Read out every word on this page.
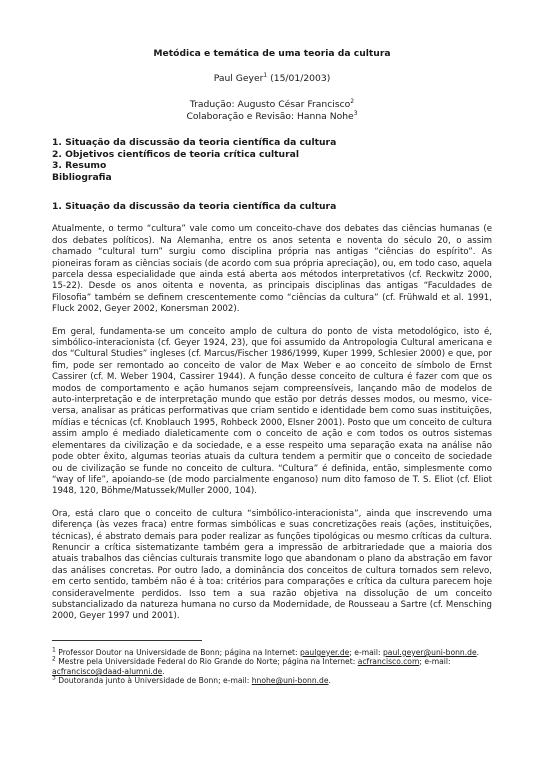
Metódica e temática de uma teoria da cultura
Paul Geyer$^1$ (15/01/2003)
Tradução: Augusto César Francisco$^2$
Colaboração e Revisão: Hanna Nohe$^3$
1. Situação da discussão da teoria científica da cultura
2. Objetivos científicos de teoria crítica cultural
3. Resumo
Bibliografia
1. Situação da discussão da teoria científica da cultura

Atualmente, o termo “cultura” vale como um conceito-chave dos debates das ciências humanas (e dos debates políticos). Na Alemanha, entre os anos setenta e noventa do século 20, o assim chamado “cultural turn” surgiu como disciplina própria nas antigas “ciências do espírito”. As pioneiras foram as ciências sociais (de acordo com sua própria apreciação), ou, em todo caso, aquela parcela dessa especialidade que ainda está aberta aos métodos interpretativos (cf. Reckwitz 2000, 15-22). Desde os anos oitenta e noventa, as principais disciplinas das antigas “Faculdades de Filosofia” também se definem crescentemente como “ciências da cultura” (cf. Frühwald et al. 1991, Fluck 2002, Geyer 2002, Konersman 2002).

Em geral, fundamenta-se um conceito amplo de cultura do ponto de vista metodológico, isto é, simbólico-interacionista (cf. Geyer 1924, 23), que foi assumido da Antropologia Cultural americana e dos “Cultural Studies” ingleses (cf. Marcus/Fischer 1986/1999, Kuper 1999, Schlesier 2000) e que, por fim, pode ser remontado ao conceito de valor de Max Weber e ao conceito de símbolo de Ernst Cassirer (cf. M. Weber 1904, Cassirer 1944). A função desse conceito de cultura é fazer com que os modos de comportamento e ação humanos sejam compreensíveis, lançando mão de modelos de auto-interpretação e de interpretação mundo que estão por detrás desses modos, ou mesmo, vice-versa, analisar as práticas performativas que criam sentido e identidade bem como suas instituições, mídias e técnicas (cf. Knoblauch 1995, Rohbeck 2000, Elsner 2001). Posto que um conceito de cultura assim amplo é mediado dialeticamente com o conceito de ação e com todos os outros sistemas elementares da civilização e da sociedade, e a esse respeito uma separação exata na análise não pode obter êxito, algumas teorias atuais da cultura tendem a permitir que o conceito de sociedade ou de civilização se funde no conceito de cultura. “Cultura” é definida, então, simplesmente como “way of life”, apoiando-se (de modo parcialmente enganoso) num dito famoso de T. S. Eliot (cf. Eliot 1948, 120, Böhme/Matussek/Muller 2000, 104).

Ora, está claro que o conceito de cultura “simbólico-interacionista”, ainda que inscrevendo uma diferença (às vezes fraca) entre formas simbólicas e suas concretizações reais (ações, instituições, técnicas), é abstrato demais para poder realizar as funções tipológicas ou mesmo críticas da cultura. Renuncir a crítica sistematizante também gera a impressão de arbitrariedade que a maioria dos atuais trabalhos das ciências culturais transmite logo que abandonam o plano da abstração em favor das análises concretas. Por outro lado, a dominância dos conceitos de cultura tornados sem relevo, em certo sentido, também não é à toa: critérios para comparações e crítica da cultura parecem hoje consideravelmente perdidos. Isso tem a sua razão objetiva na dissolução de um conceito substancializado da natureza humana no curso da Modernidade, de Rousseau a Sartre (cf. Mensching 2000, Geyer 1997 und 2001).

$^1$ Professor Doutor na Universidade de Bonn; página na Internet: paulgeyer.de; e-mail: paul.geyer@uni-bonn.de.

$^2$ Mestre pela Universidade Federal do Rio Grande do Norte; página na Internet: acfrancisco.com; e-mail: acfrancisco@daad-alumni.de.

$^3$ Doutoranda junto à Universidade de Bonn; e-mail: hnohe@uni-bonn.de.
